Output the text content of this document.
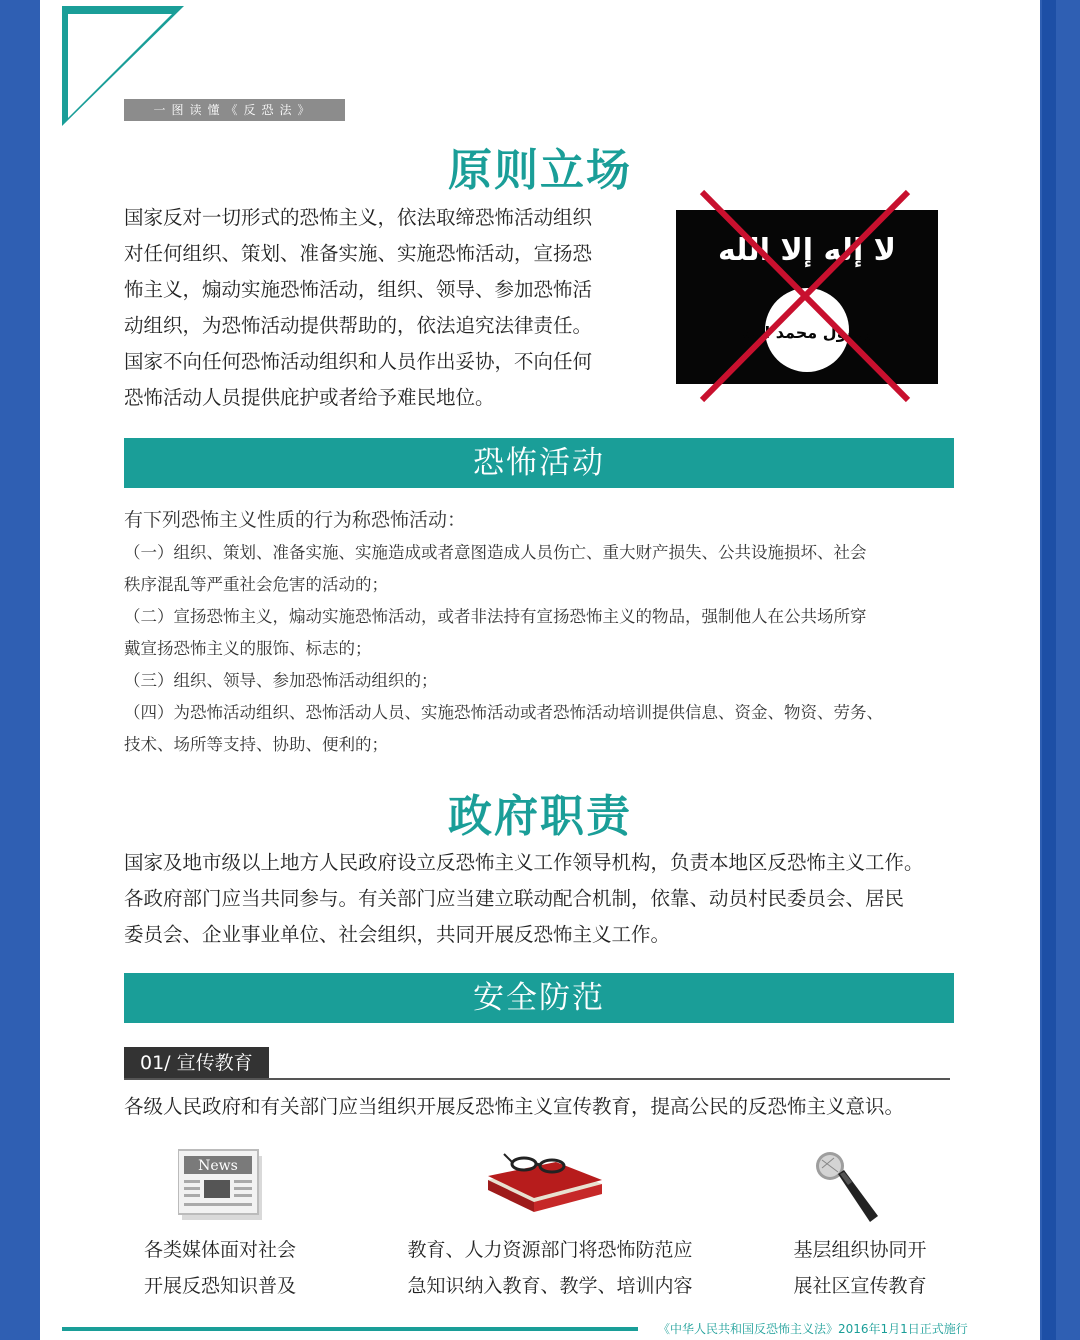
一图读懂《反恐法》
原则立场

国家反对一切形式的恐怖主义，依法取缔恐怖活动组织

对任何组织、策划、准备实施、实施恐怖活动，宣扬恐

怖主义，煽动实施恐怖活动，组织、领导、参加恐怖活

动组织，为恐怖活动提供帮助的，依法追究法律责任。

国家不向任何恐怖活动组织和人员作出妥协，不向任何

恐怖活动人员提供庇护或者给予难民地位。

لا إله إلا الله
رسول محمد الله
恐怖活动

有下列恐怖主义性质的行为称恐怖活动：

（一）组织、策划、准备实施、实施造成或者意图造成人员伤亡、重大财产损失、公共设施损坏、社会

秩序混乱等严重社会危害的活动的；

（二）宣扬恐怖主义，煽动实施恐怖活动，或者非法持有宣扬恐怖主义的物品，强制他人在公共场所穿

戴宣扬恐怖主义的服饰、标志的；

（三）组织、领导、参加恐怖活动组织的；

（四）为恐怖活动组织、恐怖活动人员、实施恐怖活动或者恐怖活动培训提供信息、资金、物资、劳务、

技术、场所等支持、协助、便利的；

政府职责

国家及地市级以上地方人民政府设立反恐怖主义工作领导机构，负责本地区反恐怖主义工作。

各政府部门应当共同参与。有关部门应当建立联动配合机制，依靠、动员村民委员会、居民

委员会、企业事业单位、社会组织，共同开展反恐怖主义工作。

安全防范
01/ 宣传教育
各级人民政府和有关部门应当组织开展反恐怖主义宣传教育，提高公民的反恐怖主义意识。
News

各类媒体面对社会

开展反恐知识普及

教育、人力资源部门将恐怖防范应

急知识纳入教育、教学、培训内容

基层组织协同开

展社区宣传教育

《中华人民共和国反恐怖主义法》2016年1月1日正式施行
